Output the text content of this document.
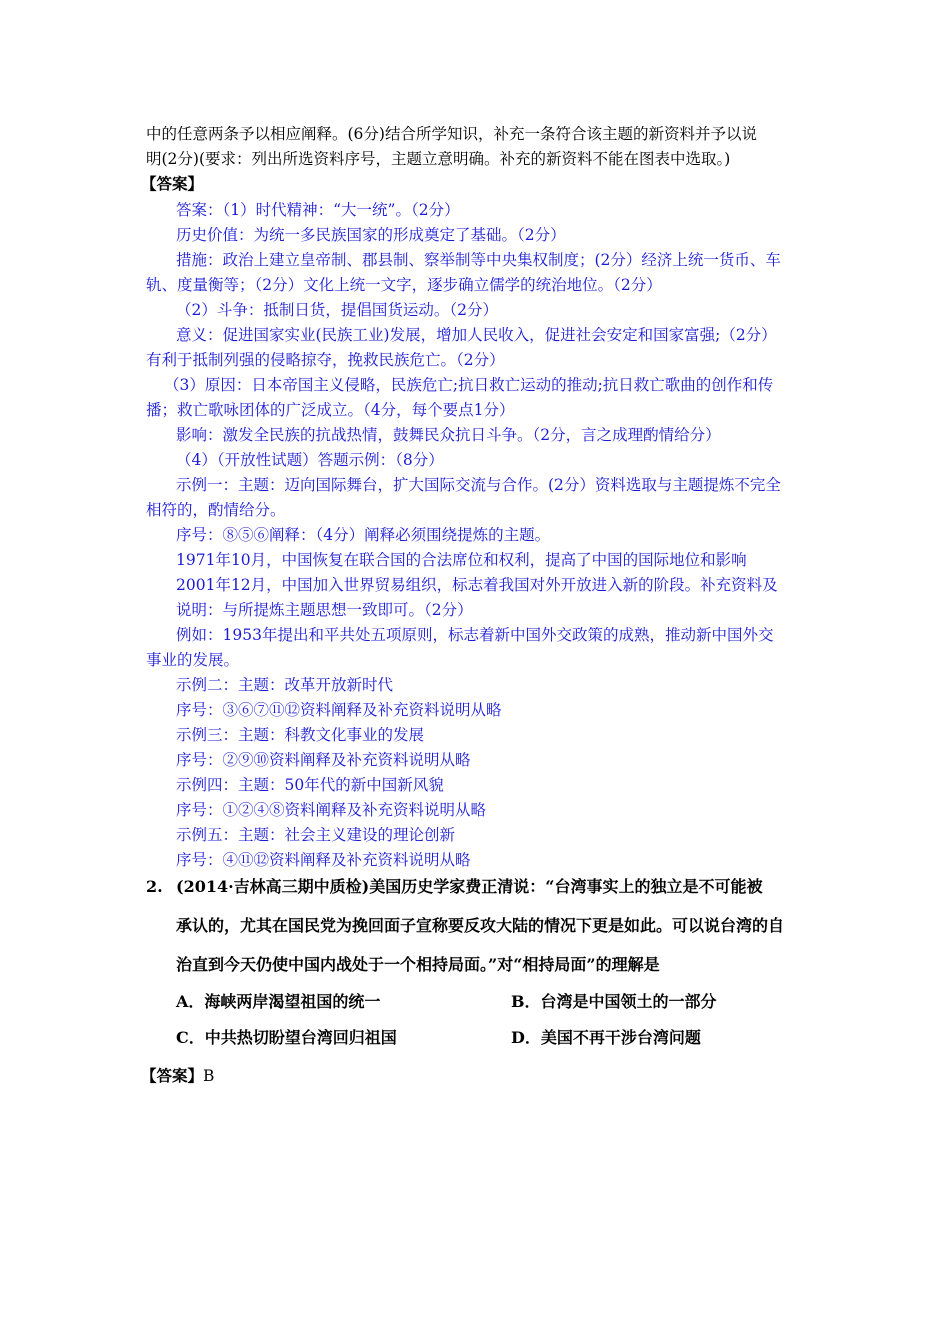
中的任意两条予以相应阐释。(6分)结合所学知识，补充一条符合该主题的新资料并予以说
明(2分)(要求：列出所选资料序号，主题立意明确。补充的新资料不能在图表中选取。)
【答案】
答案：（1）时代精神：“大一统”。（2分）
历史价值：为统一多民族国家的形成奠定了基础。（2分）
措施：政治上建立皇帝制、郡县制、察举制等中央集权制度；(2分）经济上统一货币、车
轨、度量衡等；（2分）文化上统一文字，逐步确立儒学的统治地位。（2分）
（2）斗争：抵制日货，提倡国货运动。（2分）
意义：促进国家实业(民族工业)发展，增加人民收入，促进社会安定和国家富强;（2分）
有利于抵制列强的侵略掠夺，挽救民族危亡。（2分）
（3）原因：日本帝国主义侵略，民族危亡;抗日救亡运动的推动;抗日救亡歌曲的创作和传
播；救亡歌咏团体的广泛成立。（4分，每个要点1分）
影响：激发全民族的抗战热情，鼓舞民众抗日斗争。（2分，言之成理酌情给分）
（4）（开放性试题）答题示例：（8分）
示例一：主题：迈向国际舞台，扩大国际交流与合作。(2分）资料选取与主题提炼不完全
相符的，酌情给分。
序号：⑧⑤⑥阐释：（4分）阐释必须围绕提炼的主题。
1971年10月，中国恢复在联合国的合法席位和权利，提高了中国的国际地位和影响
2001年12月，中国加入世界贸易组织，标志着我国对外开放进入新的阶段。补充资料及
说明：与所提炼主题思想一致即可。（2分）
例如：1953年提出和平共处五项原则，标志着新中国外交政策的成熟，推动新中国外交
事业的发展。
示例二：主题：改革开放新时代
序号：③⑥⑦⑪⑫资料阐释及补充资料说明从略
示例三：主题：科教文化事业的发展
序号：②⑨⑩资料阐释及补充资料说明从略
示例四：主题：50年代的新中国新风貌
序号：①②④⑧资料阐释及补充资料说明从略
示例五：主题：社会主义建设的理论创新
序号：④⑪⑫资料阐释及补充资料说明从略
2. (2014·吉林高三期中质检)美国历史学家费正清说：“台湾事实上的独立是不可能被
承认的，尤其在国民党为挽回面子宣称要反攻大陆的情况下更是如此。可以说台湾的自
治直到今天仍使中国内战处于一个相持局面。”对“相持局面”的理解是
A．海峡两岸渴望祖国的统一	B．台湾是中国领土的一部分
C．中共热切盼望台湾回归祖国	D．美国不再干涉台湾问题
【答案】B
